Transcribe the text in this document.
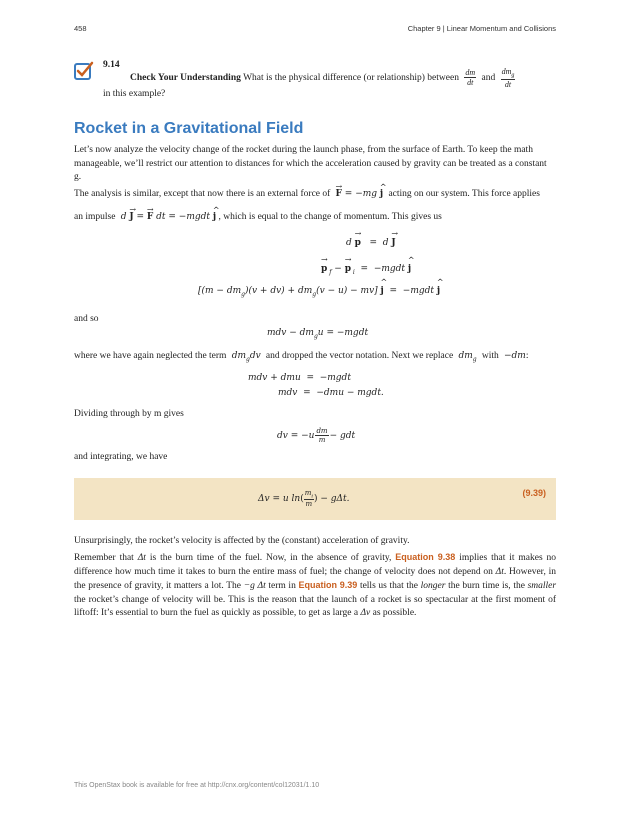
458	Chapter 9 | Linear Momentum and Collisions
9.14
Check Your Understanding What is the physical difference (or relationship) between $\frac{dm}{dt}$ and $\frac{dm_g}{dt}$
in this example?
Rocket in a Gravitational Field

Let’s now analyze the velocity change of the rocket during the launch phase, from the surface of Earth. To keep the math manageable, we’ll restrict our attention to distances for which the acceleration caused by gravity can be treated as a constant g.

The analysis is similar, except that now there is an external force of F → = −mg j ^ acting on our system. This force applies
an impulse d J → = F → dt = −mgdt j ^ , which is equal to the change of momentum. This gives us
d p →   =  d J →
p → $_f$ − p → $_i$  =  −mgdt j ^
$[(m - dm_g)(v + dv) + dm_g(v - u) - mv]$ j ^  =  −mgdt j ^
and so
mdv − $dm_gu$ = −mgdt
where we have again neglected the term  $dm_gdv$  and dropped the vector notation. Next we replace  $dm_g$ with  −dm:
mdv + dmu  =  −mgdt
mdv  =  −dmu − mgdt.
Dividing through by m gives
dv = $-u \frac{dm}{m}$ − gdt
and integrating, we have
Δv = u $\ln( \frac{m_i}{m}$ ) − gΔt.
(9.39)

Unsurprisingly, the rocket’s velocity is affected by the (constant) acceleration of gravity.

Remember that Δt is the burn time of the fuel. Now, in the absence of gravity, Equation 9.38 implies that it makes no difference how much time it takes to burn the entire mass of fuel; the change of velocity does not depend on Δt. However, in the presence of gravity, it matters a lot. The −g Δt term in Equation 9.39 tells us that the longer the burn time is, the smaller the rocket’s change of velocity will be. This is the reason that the launch of a rocket is so spectacular at the first moment of liftoff: It’s essential to burn the fuel as quickly as possible, to get as large a Δv as possible.

This OpenStax book is available for free at http://cnx.org/content/col12031/1.10
